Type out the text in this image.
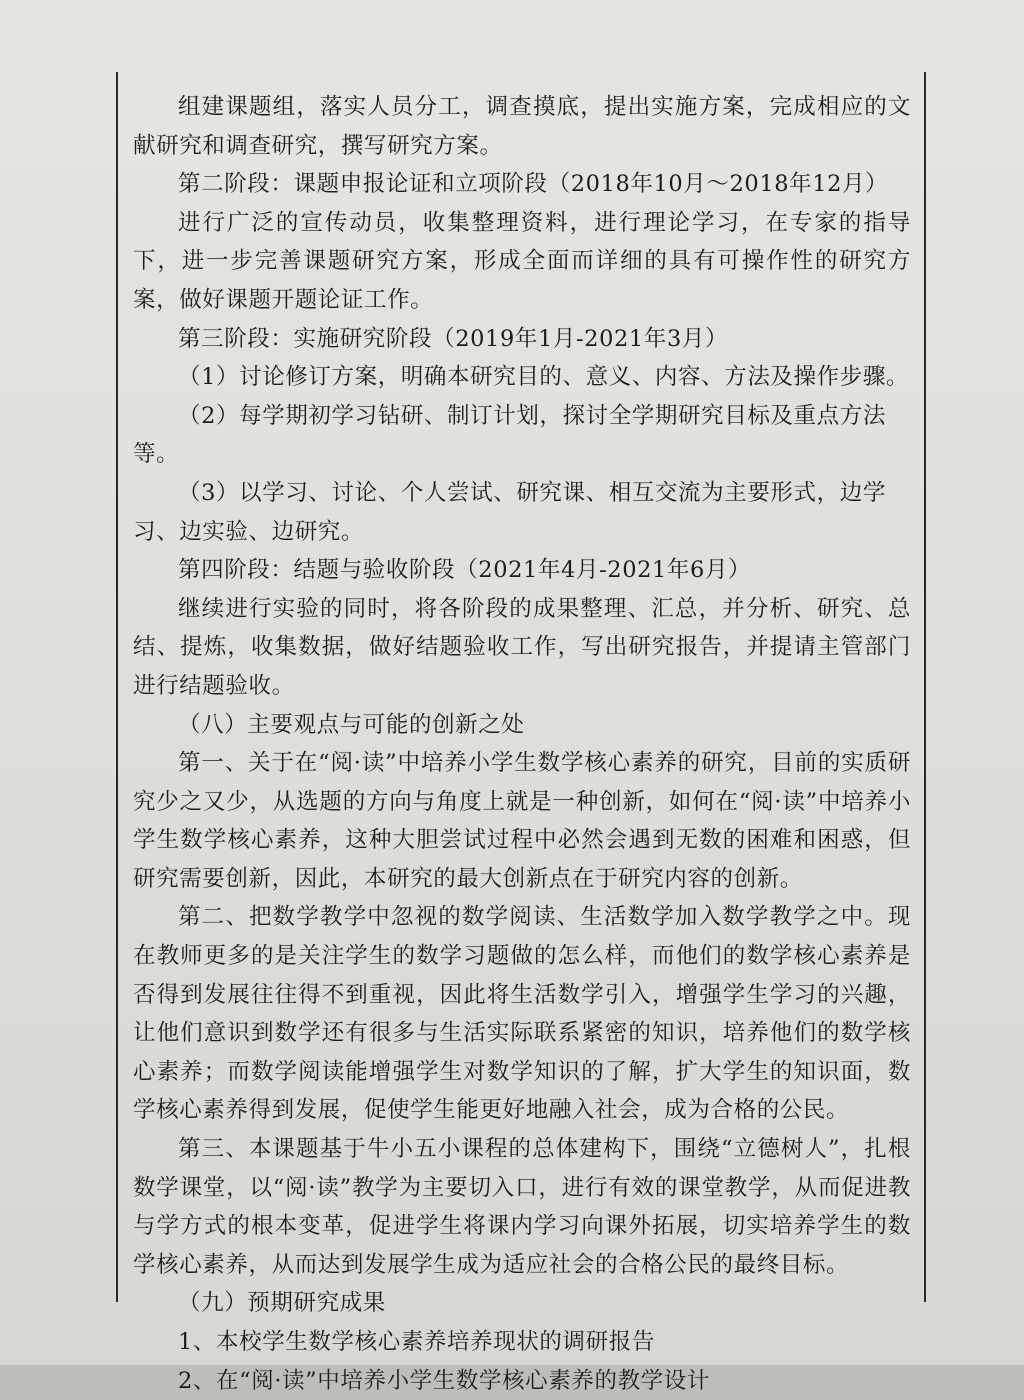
组建课题组，落实人员分工，调查摸底，提出实施方案，完成相应的文献研究和调查研究，撰写研究方案。

第二阶段：课题申报论证和立项阶段（2018年10月～2018年12月）

进行广泛的宣传动员，收集整理资料，进行理论学习，在专家的指导下，进一步完善课题研究方案，形成全面而详细的具有可操作性的研究方案，做好课题开题论证工作。

第三阶段：实施研究阶段（2019年1月-2021年3月）

（1）讨论修订方案，明确本研究目的、意义、内容、方法及操作步骤。

（2）每学期初学习钻研、制订计划，探讨全学期研究目标及重点方法等。

（3）以学习、讨论、个人尝试、研究课、相互交流为主要形式，边学习、边实验、边研究。

第四阶段：结题与验收阶段（2021年4月-2021年6月）

继续进行实验的同时，将各阶段的成果整理、汇总，并分析、研究、总结、提炼，收集数据，做好结题验收工作，写出研究报告，并提请主管部门进行结题验收。

（八）主要观点与可能的创新之处

第一、关于在“阅·读”中培养小学生数学核心素养的研究，目前的实质研究少之又少，从选题的方向与角度上就是一种创新，如何在“阅·读”中培养小学生数学核心素养，这种大胆尝试过程中必然会遇到无数的困难和困惑，但研究需要创新，因此，本研究的最大创新点在于研究内容的创新。

第二、把数学教学中忽视的数学阅读、生活数学加入数学教学之中。现在教师更多的是关注学生的数学习题做的怎么样，而他们的数学核心素养是否得到发展往往得不到重视，因此将生活数学引入，增强学生学习的兴趣，让他们意识到数学还有很多与生活实际联系紧密的知识，培养他们的数学核心素养；而数学阅读能增强学生对数学知识的了解，扩大学生的知识面，数学核心素养得到发展，促使学生能更好地融入社会，成为合格的公民。

第三、本课题基于牛小五小课程的总体建构下，围绕“立德树人”，扎根数学课堂，以“阅·读”教学为主要切入口，进行有效的课堂教学，从而促进教与学方式的根本变革，促进学生将课内学习向课外拓展，切实培养学生的数学核心素养，从而达到发展学生成为适应社会的合格公民的最终目标。

（九）预期研究成果

1、本校学生数学核心素养培养现状的调研报告

2、在“阅·读”中培养小学生数学核心素养的教学设计
